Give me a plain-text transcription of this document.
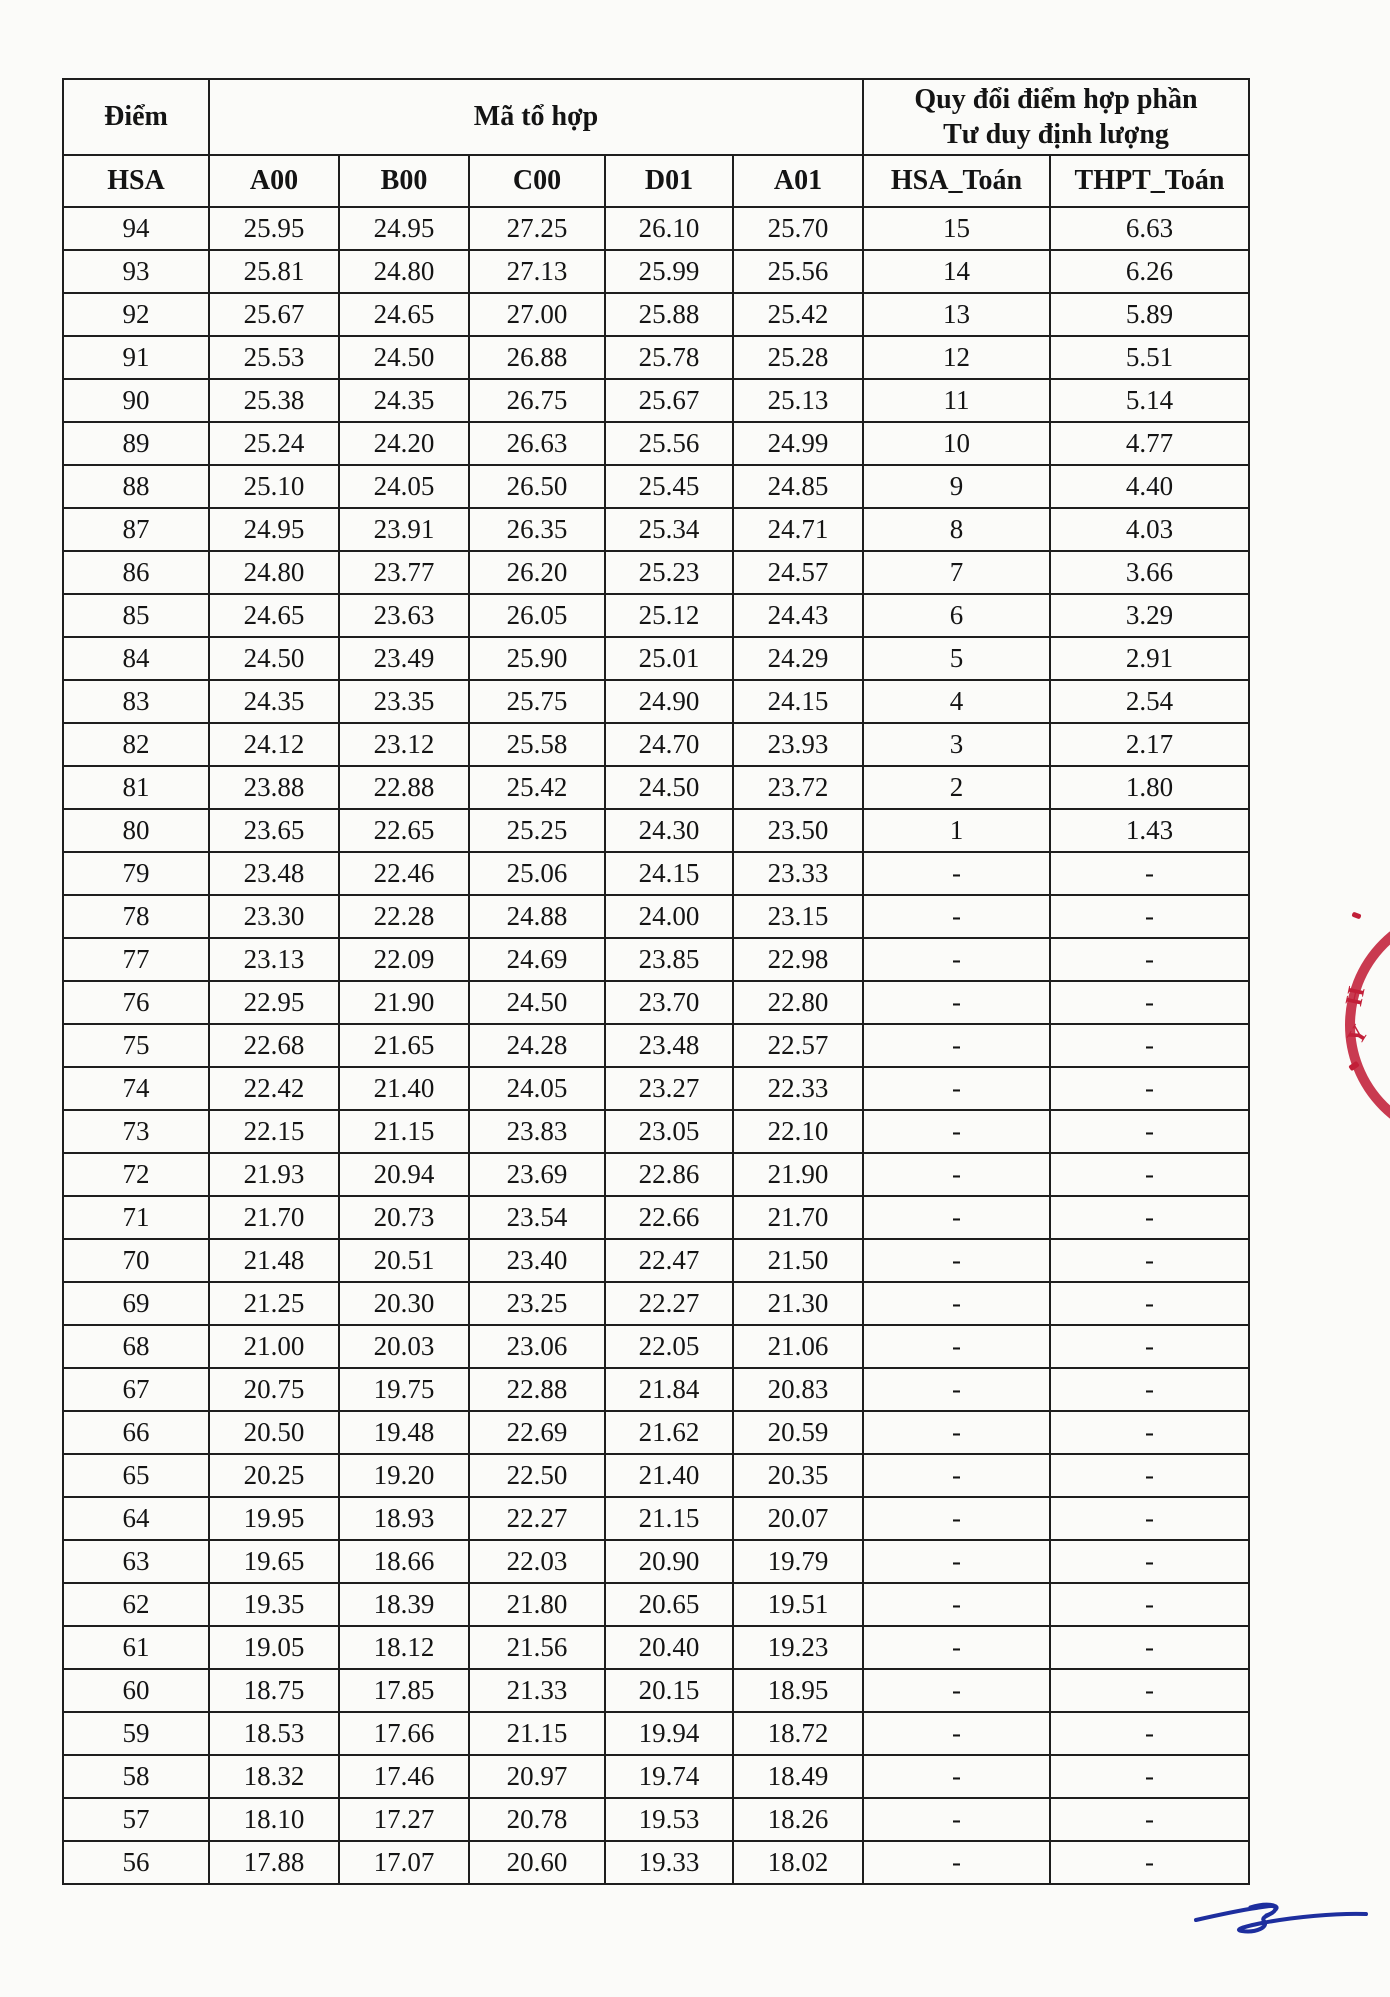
Điểm	Mã tổ hợp					Quy đổi điểm hợp phần
Tư duy định lượng	

HSA	A00	B00	C00	D01	A01	HSA_Toán	THPT_Toán
94	25.95	24.95	27.25	26.10	25.70	15	6.63
93	25.81	24.80	27.13	25.99	25.56	14	6.26
92	25.67	24.65	27.00	25.88	25.42	13	5.89
91	25.53	24.50	26.88	25.78	25.28	12	5.51
90	25.38	24.35	26.75	25.67	25.13	11	5.14
89	25.24	24.20	26.63	25.56	24.99	10	4.77
88	25.10	24.05	26.50	25.45	24.85	9	4.40
87	24.95	23.91	26.35	25.34	24.71	8	4.03
86	24.80	23.77	26.20	25.23	24.57	7	3.66
85	24.65	23.63	26.05	25.12	24.43	6	3.29
84	24.50	23.49	25.90	25.01	24.29	5	2.91
83	24.35	23.35	25.75	24.90	24.15	4	2.54
82	24.12	23.12	25.58	24.70	23.93	3	2.17
81	23.88	22.88	25.42	24.50	23.72	2	1.80
80	23.65	22.65	25.25	24.30	23.50	1	1.43
79	23.48	22.46	25.06	24.15	23.33	-	-
78	23.30	22.28	24.88	24.00	23.15	-	-
77	23.13	22.09	24.69	23.85	22.98	-	-
76	22.95	21.90	24.50	23.70	22.80	-	-
75	22.68	21.65	24.28	23.48	22.57	-	-
74	22.42	21.40	24.05	23.27	22.33	-	-
73	22.15	21.15	23.83	23.05	22.10	-	-
72	21.93	20.94	23.69	22.86	21.90	-	-
71	21.70	20.73	23.54	22.66	21.70	-	-
70	21.48	20.51	23.40	22.47	21.50	-	-
69	21.25	20.30	23.25	22.27	21.30	-	-
68	21.00	20.03	23.06	22.05	21.06	-	-
67	20.75	19.75	22.88	21.84	20.83	-	-
66	20.50	19.48	22.69	21.62	20.59	-	-
65	20.25	19.20	22.50	21.40	20.35	-	-
64	19.95	18.93	22.27	21.15	20.07	-	-
63	19.65	18.66	22.03	20.90	19.79	-	-
62	19.35	18.39	21.80	20.65	19.51	-	-
61	19.05	18.12	21.56	20.40	19.23	-	-
60	18.75	17.85	21.33	20.15	18.95	-	-
59	18.53	17.66	21.15	19.94	18.72	-	-
58	18.32	17.46	20.97	19.74	18.49	-	-
57	18.10	17.27	20.78	19.53	18.26	-	-
56	17.88	17.07	20.60	19.33	18.02	-	-
H
Y
